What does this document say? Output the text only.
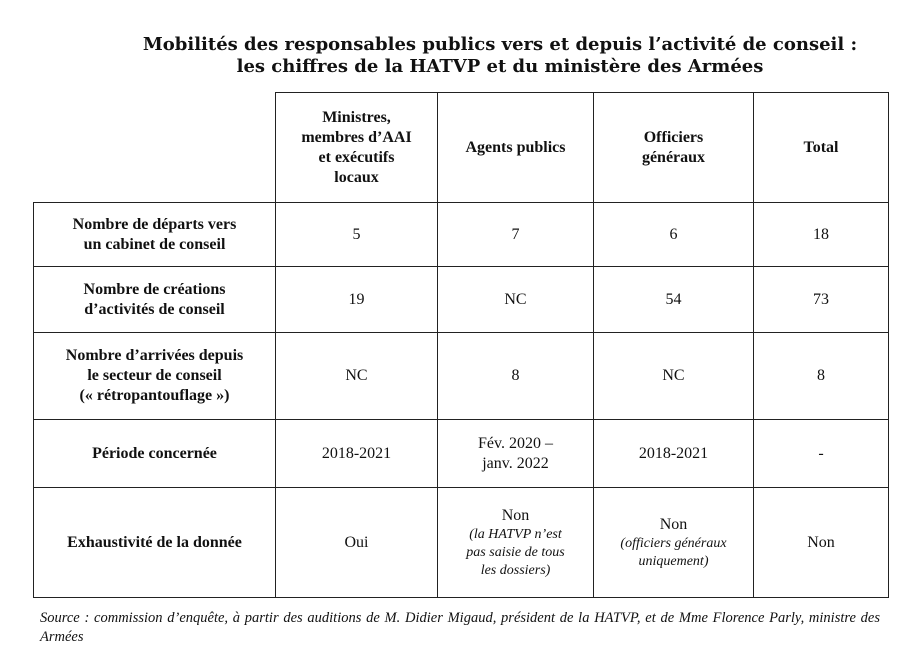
Mobilités des responsables publics vers et depuis l’activité de conseil :
les chiffres de la HATVP et du ministère des Armées

	Ministres,
membres d’AAI
et exécutifs
locaux	Agents publics	Officiers
généraux	Total

Nombre de départs vers
un cabinet de conseil	5	7	6	18

Nombre de créations
d’activités de conseil	19	NC	54	73

Nombre d’arrivées depuis
le secteur de conseil
(« rétropantouflage »)	NC	8	NC	8

Période concernée	2018-2021	Fév. 2020 –
janv. 2022	2018-2021	-

Exhaustivité de la donnée	Oui	Non
(la HATVP n’est
pas saisie de tous
les dossiers)	Non
(officiers généraux
uniquement)	Non
Source : commission d’enquête, à partir des auditions de M. Didier Migaud, président de la HATVP, et de Mme Florence Parly, ministre des Armées
